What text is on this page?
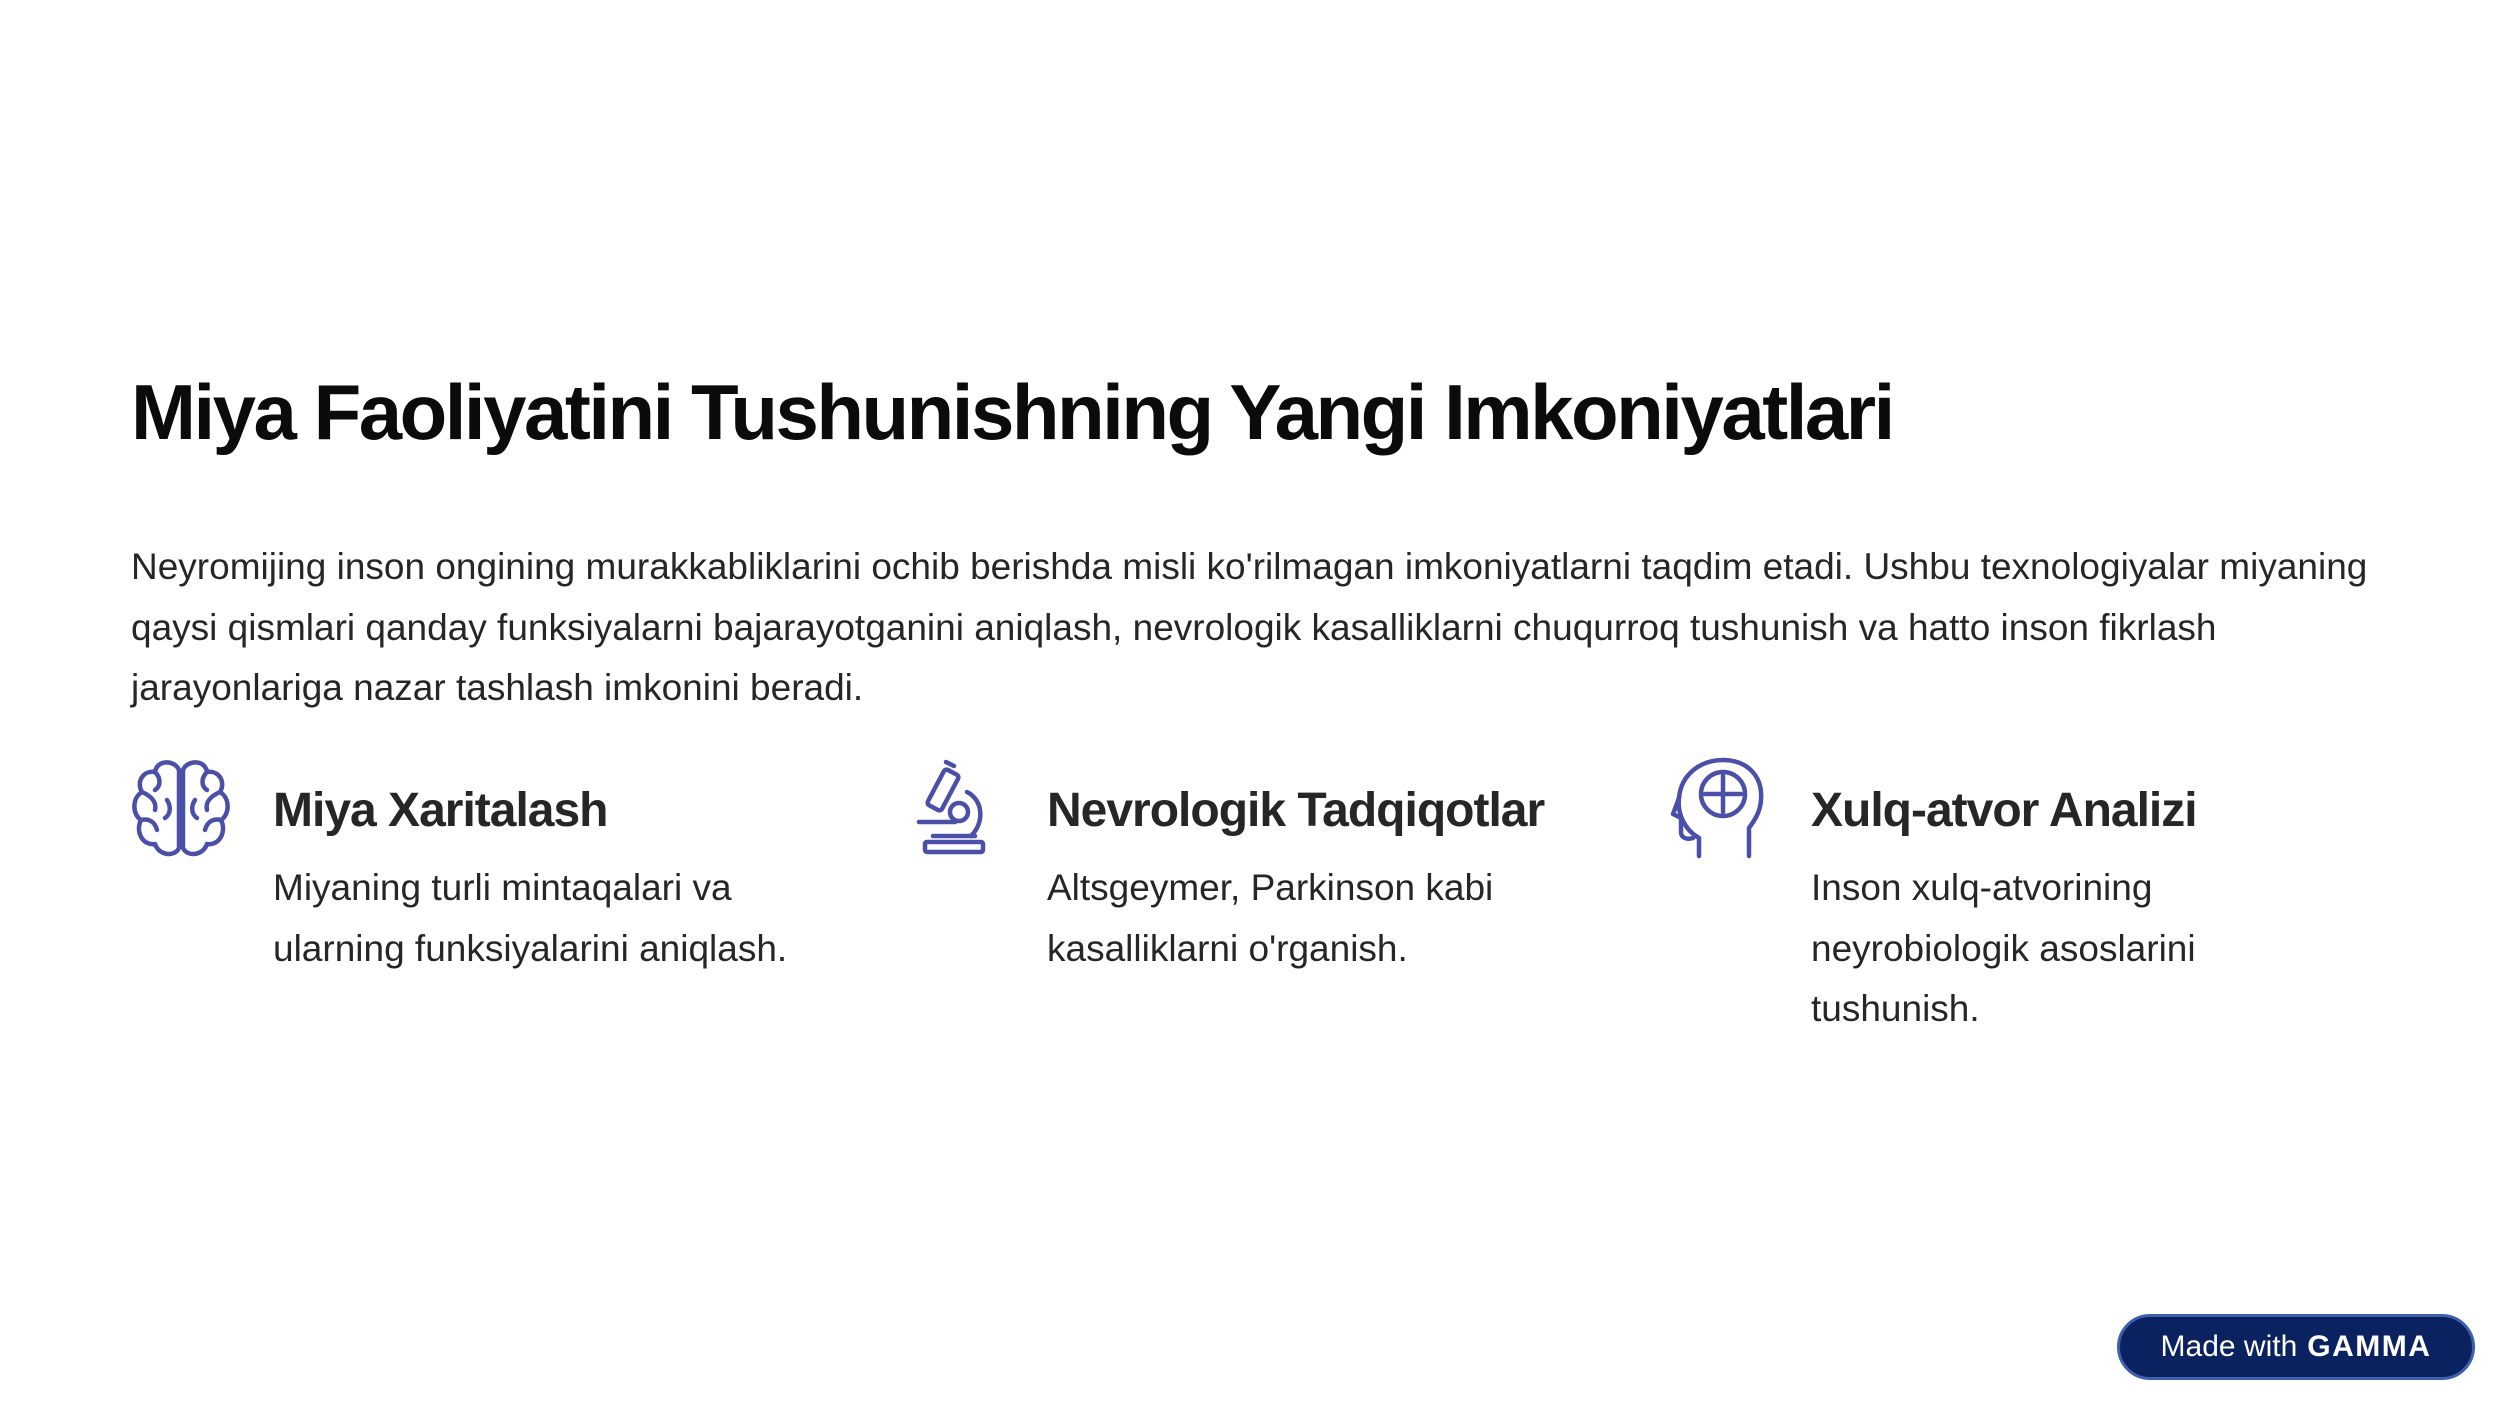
Miya Faoliyatini Tushunishning Yangi Imkoniyatlari

Neyromijing inson ongining murakkabliklarini ochib berishda misli ko'rilmagan imkoniyatlarni taqdim etadi. Ushbu texnologiyalar miyaning qaysi qismlari qanday funksiyalarni bajarayotganini aniqlash, nevrologik kasalliklarni chuqurroq tushunish va hatto inson fikrlash jarayonlariga nazar tashlash imkonini beradi.

Miya Xaritalash

Miyaning turli mintaqalari va ularning funksiyalarini aniqlash.

Nevrologik Tadqiqotlar

Altsgeymer, Parkinson kabi kasalliklarni o'rganish.

Xulq-atvor Analizi

Inson xulq-atvorining neyrobiologik asoslarini tushunish.

Made with GAMMA
